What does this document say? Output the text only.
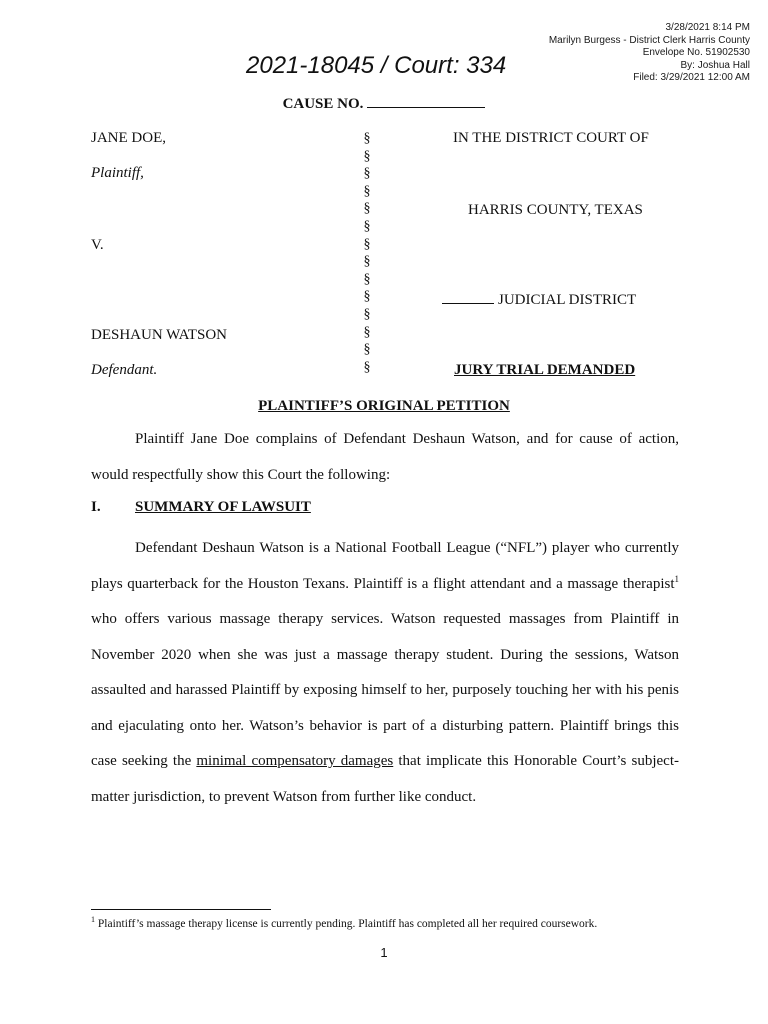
3/28/2021 8:14 PM
Marilyn Burgess - District Clerk Harris County
Envelope No. 51902530
By: Joshua Hall
Filed: 3/29/2021 12:00 AM
2021-18045 / Court: 334
CAUSE NO.
JANE DOE,
Plaintiff,
V.
DESHAUN WATSON
Defendant.
§
§
§
§
§
§
§
§
§
§
§
§
§
§
IN THE DISTRICT COURT OF
HARRIS COUNTY, TEXAS
JUDICIAL DISTRICT
JURY TRIAL DEMANDED
PLAINTIFF’S ORIGINAL PETITION
Plaintiff Jane Doe complains of Defendant Deshaun Watson, and for cause of action, would respectfully show this Court the following:
I. SUMMARY OF LAWSUIT
Defendant Deshaun Watson is a National Football League (“NFL”) player who currently plays quarterback for the Houston Texans. Plaintiff is a flight attendant and a massage therapist$^1$ who offers various massage therapy services. Watson requested massages from Plaintiff in November 2020 when she was just a massage therapy student. During the sessions, Watson assaulted and harassed Plaintiff by exposing himself to her, purposely touching her with his penis and ejaculating onto her. Watson’s behavior is part of a disturbing pattern. Plaintiff brings this case seeking the minimal compensatory damages that implicate this Honorable Court’s subject-matter jurisdiction, to prevent Watson from further like conduct.
$^1$ Plaintiff’s massage therapy license is currently pending. Plaintiff has completed all her required coursework.
1
